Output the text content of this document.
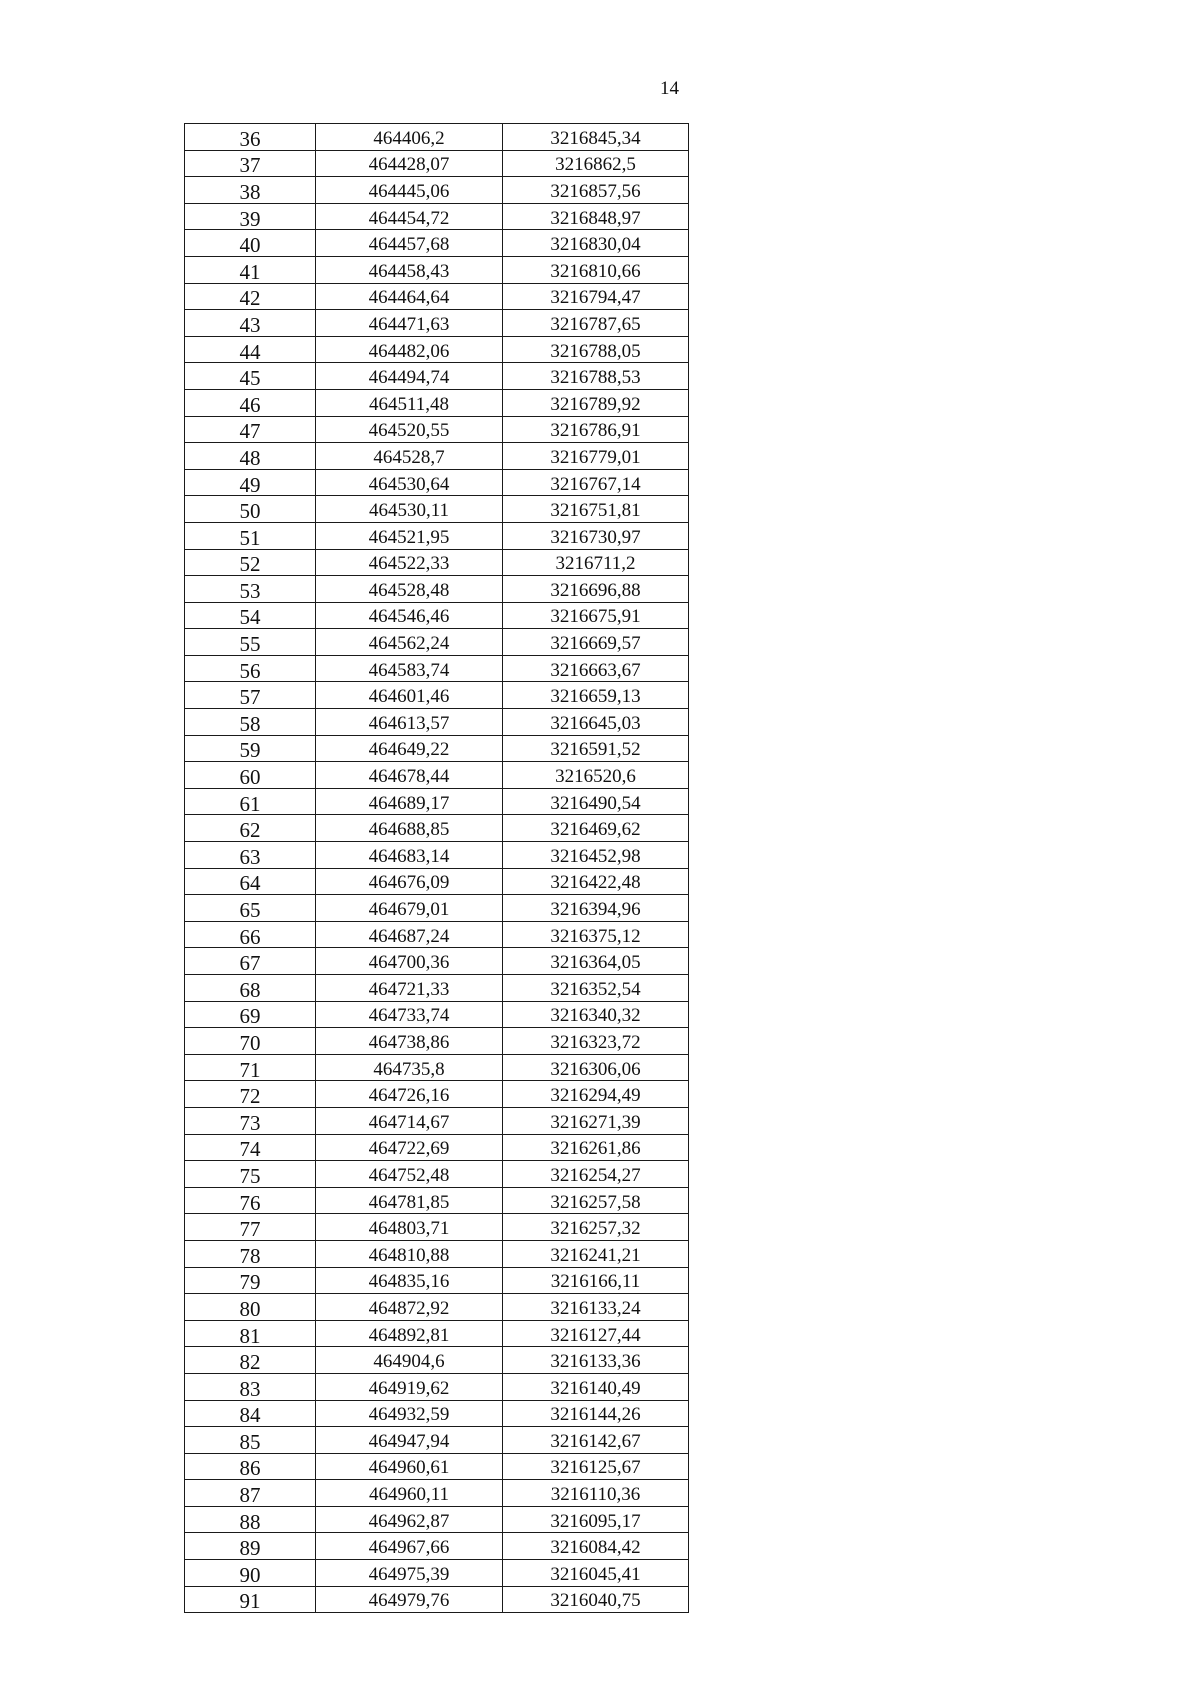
14
36	464406,2	3216845,34
37	464428,07	3216862,5
38	464445,06	3216857,56
39	464454,72	3216848,97
40	464457,68	3216830,04
41	464458,43	3216810,66
42	464464,64	3216794,47
43	464471,63	3216787,65
44	464482,06	3216788,05
45	464494,74	3216788,53
46	464511,48	3216789,92
47	464520,55	3216786,91
48	464528,7	3216779,01
49	464530,64	3216767,14
50	464530,11	3216751,81
51	464521,95	3216730,97
52	464522,33	3216711,2
53	464528,48	3216696,88
54	464546,46	3216675,91
55	464562,24	3216669,57
56	464583,74	3216663,67
57	464601,46	3216659,13
58	464613,57	3216645,03
59	464649,22	3216591,52
60	464678,44	3216520,6
61	464689,17	3216490,54
62	464688,85	3216469,62
63	464683,14	3216452,98
64	464676,09	3216422,48
65	464679,01	3216394,96
66	464687,24	3216375,12
67	464700,36	3216364,05
68	464721,33	3216352,54
69	464733,74	3216340,32
70	464738,86	3216323,72
71	464735,8	3216306,06
72	464726,16	3216294,49
73	464714,67	3216271,39
74	464722,69	3216261,86
75	464752,48	3216254,27
76	464781,85	3216257,58
77	464803,71	3216257,32
78	464810,88	3216241,21
79	464835,16	3216166,11
80	464872,92	3216133,24
81	464892,81	3216127,44
82	464904,6	3216133,36
83	464919,62	3216140,49
84	464932,59	3216144,26
85	464947,94	3216142,67
86	464960,61	3216125,67
87	464960,11	3216110,36
88	464962,87	3216095,17
89	464967,66	3216084,42
90	464975,39	3216045,41
91	464979,76	3216040,75
